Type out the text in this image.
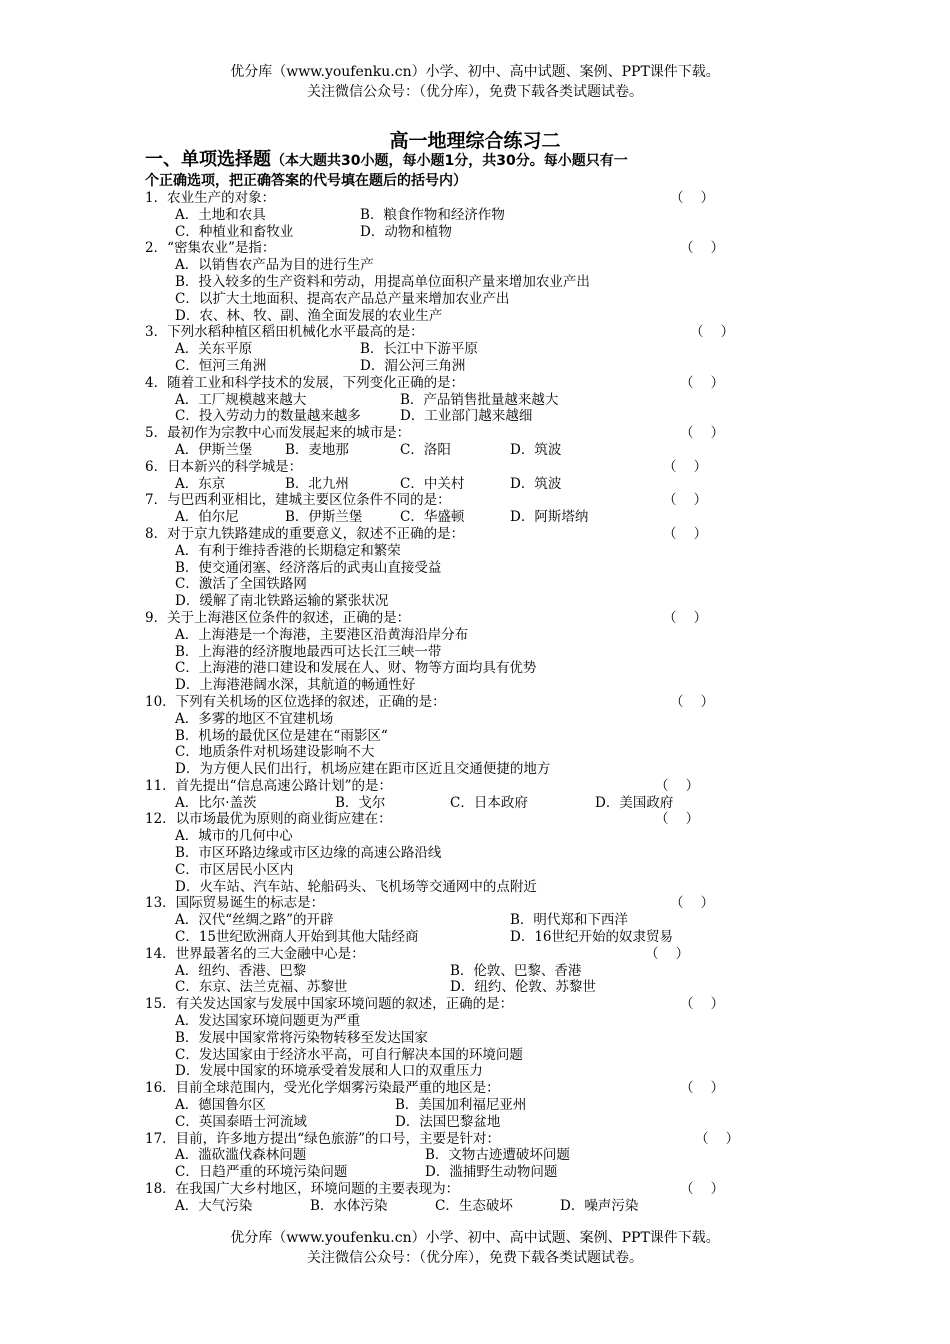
优分库（www.youfenku.cn）小学、初中、高中试题、案例、PPT课件下载。
关注微信公众号：（优分库），免费下载各类试题试卷。
高一地理综合练习二
一、单项选择题（本大题共30小题，每小题1分，共30分。每小题只有一
个正确选项，把正确答案的代号填在题后的括号内）
1．农业生产的对象：	（    ）
A．土地和农具	B．粮食作物和经济作物
C．种植业和畜牧业	D．动物和植物
2．“密集农业”是指：	（    ）
A．以销售农产品为目的进行生产
B．投入较多的生产资料和劳动，用提高单位面积产量来增加农业产出
C．以扩大土地面积、提高农产品总产量来增加农业产出
D．农、林、牧、副、渔全面发展的农业生产
3．下列水稻种植区稻田机械化水平最高的是：	（    ）
A．关东平原	B．长江中下游平原
C．恒河三角洲	D．湄公河三角洲
4．随着工业和科学技术的发展，下列变化正确的是：	（    ）
A．工厂规模越来越大	B．产品销售批量越来越大
C．投入劳动力的数量越来越多	D．工业部门越来越细
5．最初作为宗教中心而发展起来的城市是：	（    ）
A．伊斯兰堡 B．麦地那	C．洛阳	D．筑波
6．日本新兴的科学城是：	（    ）
A．东京	B．北九州	C．中关村	D．筑波
7．与巴西利亚相比，建城主要区位条件不同的是：	（    ）
A．伯尔尼	B．伊斯兰堡	C．华盛顿	D．阿斯塔纳
8．对于京九铁路建成的重要意义，叙述不正确的是：	（    ）
A．有利于维持香港的长期稳定和繁荣
B．使交通闭塞、经济落后的武夷山直接受益
C．激活了全国铁路网
D．缓解了南北铁路运输的紧张状况
9．关于上海港区位条件的叙述，正确的是：	（    ）
A．上海港是一个海港，主要港区沿黄海沿岸分布
B．上海港的经济腹地最西可达长江三峡一带
C．上海港的港口建设和发展在人、财、物等方面均具有优势
D．上海港港阔水深，其航道的畅通性好
10．下列有关机场的区位选择的叙述，正确的是：	（    ）
A．多雾的地区不宜建机场
B．机场的最优区位是建在“雨影区“
C．地质条件对机场建设影响不大
D．为方便人民们出行，机场应建在距市区近且交通便捷的地方
11．首先提出“信息高速公路计划”的是：	（    ）
A．比尔·盖茨	B．戈尔	C．日本政府	D．美国政府
12．以市场最优为原则的商业街应建在：	（    ）
A．城市的几何中心
B．市区环路边缘或市区边缘的高速公路沿线
C．市区居民小区内
D．火车站、汽车站、轮船码头、飞机场等交通网中的点附近
13．国际贸易诞生的标志是：	（    ）
A．汉代“丝绸之路”的开辟	B．明代郑和下西洋
C．15世纪欧洲商人开始到其他大陆经商	D．16世纪开始的奴隶贸易
14．世界最著名的三大金融中心是：	（    ）
A．纽约、香港、巴黎	B．伦敦、巴黎、香港
C．东京、法兰克福、苏黎世	D．纽约、伦敦、苏黎世
15．有关发达国家与发展中国家环境问题的叙述，正确的是：	（    ）
A．发达国家环境问题更为严重
B．发展中国家常将污染物转移至发达国家
C．发达国家由于经济水平高，可自行解决本国的环境问题
D．发展中国家的环境承受着发展和人口的双重压力
16．目前全球范围内，受光化学烟雾污染最严重的地区是：	（    ）
A．德国鲁尔区	B．美国加利福尼亚州
C．英国泰晤士河流域	D．法国巴黎盆地
17．目前，许多地方提出“绿色旅游”的口号，主要是针对：	（    ）
A．滥砍滥伐森林问题	B．文物古迹遭破坏问题
C．日趋严重的环境污染问题	D．滥捕野生动物问题
18．在我国广大乡村地区，环境问题的主要表现为：	（    ）
A．大气污染	B．水体污染	C．生态破坏	D．噪声污染
优分库（www.youfenku.cn）小学、初中、高中试题、案例、PPT课件下载。
关注微信公众号：（优分库），免费下载各类试题试卷。
